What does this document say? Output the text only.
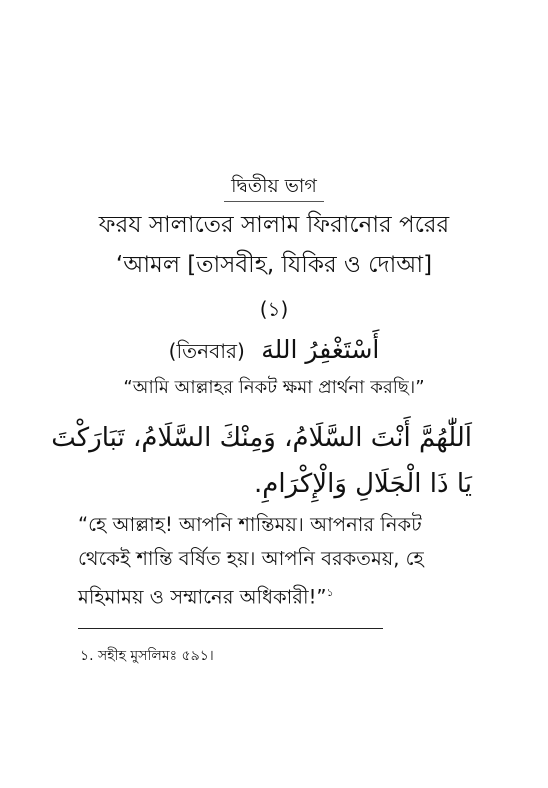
দ্বিতীয় ভাগ
ফরয সালাতের সালাম ফিরানোর পরের
‘আমল [তাসবীহ, যিকির ও দোআ]
(১)
(তিনবার) أَسْتَغْفِرُ اللهَ
“আমি আল্লাহর নিকট ক্ষমা প্রার্থনা করছি।”
اَللّٰهُمَّ أَنْتَ السَّلَامُ، وَمِنْكَ السَّلَامُ، تَبَارَكْتَ
يَا ذَا الْجَلَالِ وَالْإِكْرَامِ.
“হে আল্লাহ! আপনি শান্তিময়। আপনার নিকট থেকেই শান্তি বর্ষিত হয়। আপনি বরকতময়, হে মহিমাময় ও সম্মানের অধিকারী!”$^১$
১. সহীহ মুসলিমঃ ৫৯১।
